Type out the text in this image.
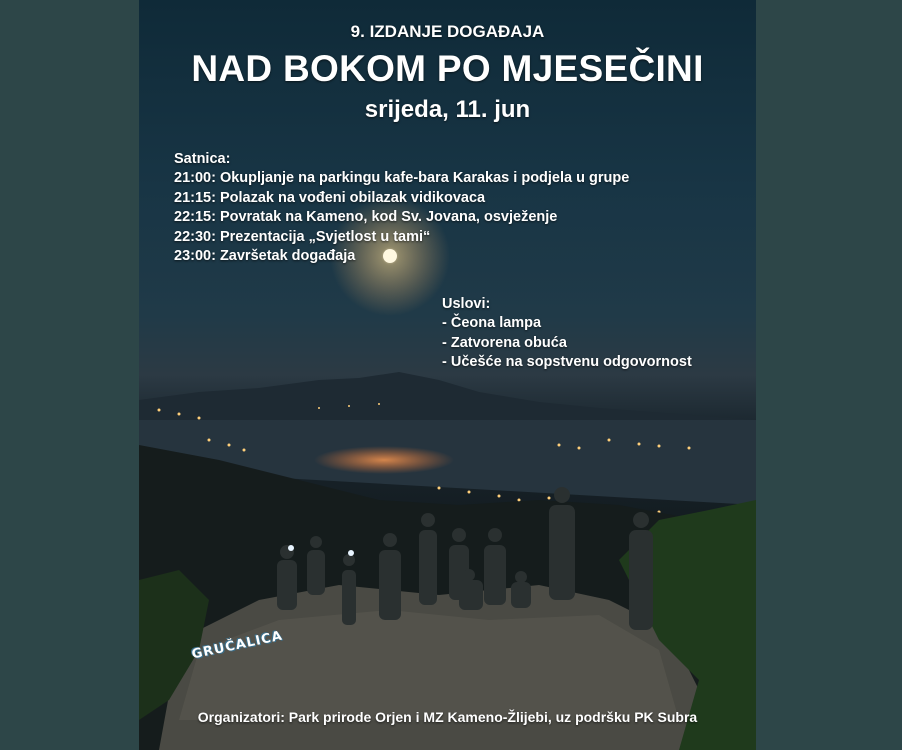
9. IZDANJE DOGAĐAJA
NAD BOKOM PO MJESEČINI
srijeda, 11. jun
Satnica:
21:00: Okupljanje na parkingu kafe-bara Karakas i podjela u grupe
21:15: Polazak na vođeni obilazak vidikovaca
22:15: Povratak na Kameno, kod Sv. Jovana, osvježenje
22:30: Prezentacija „Svjetlost u tami“
23:00: Završetak događaja
Uslovi:
- Čeona lampa
- Zatvorena obuća
- Učešće na sopstvenu odgovornost
GRUČALICA
Organizatori: Park prirode Orjen i MZ Kameno-Žlijebi, uz podršku PK Subra
